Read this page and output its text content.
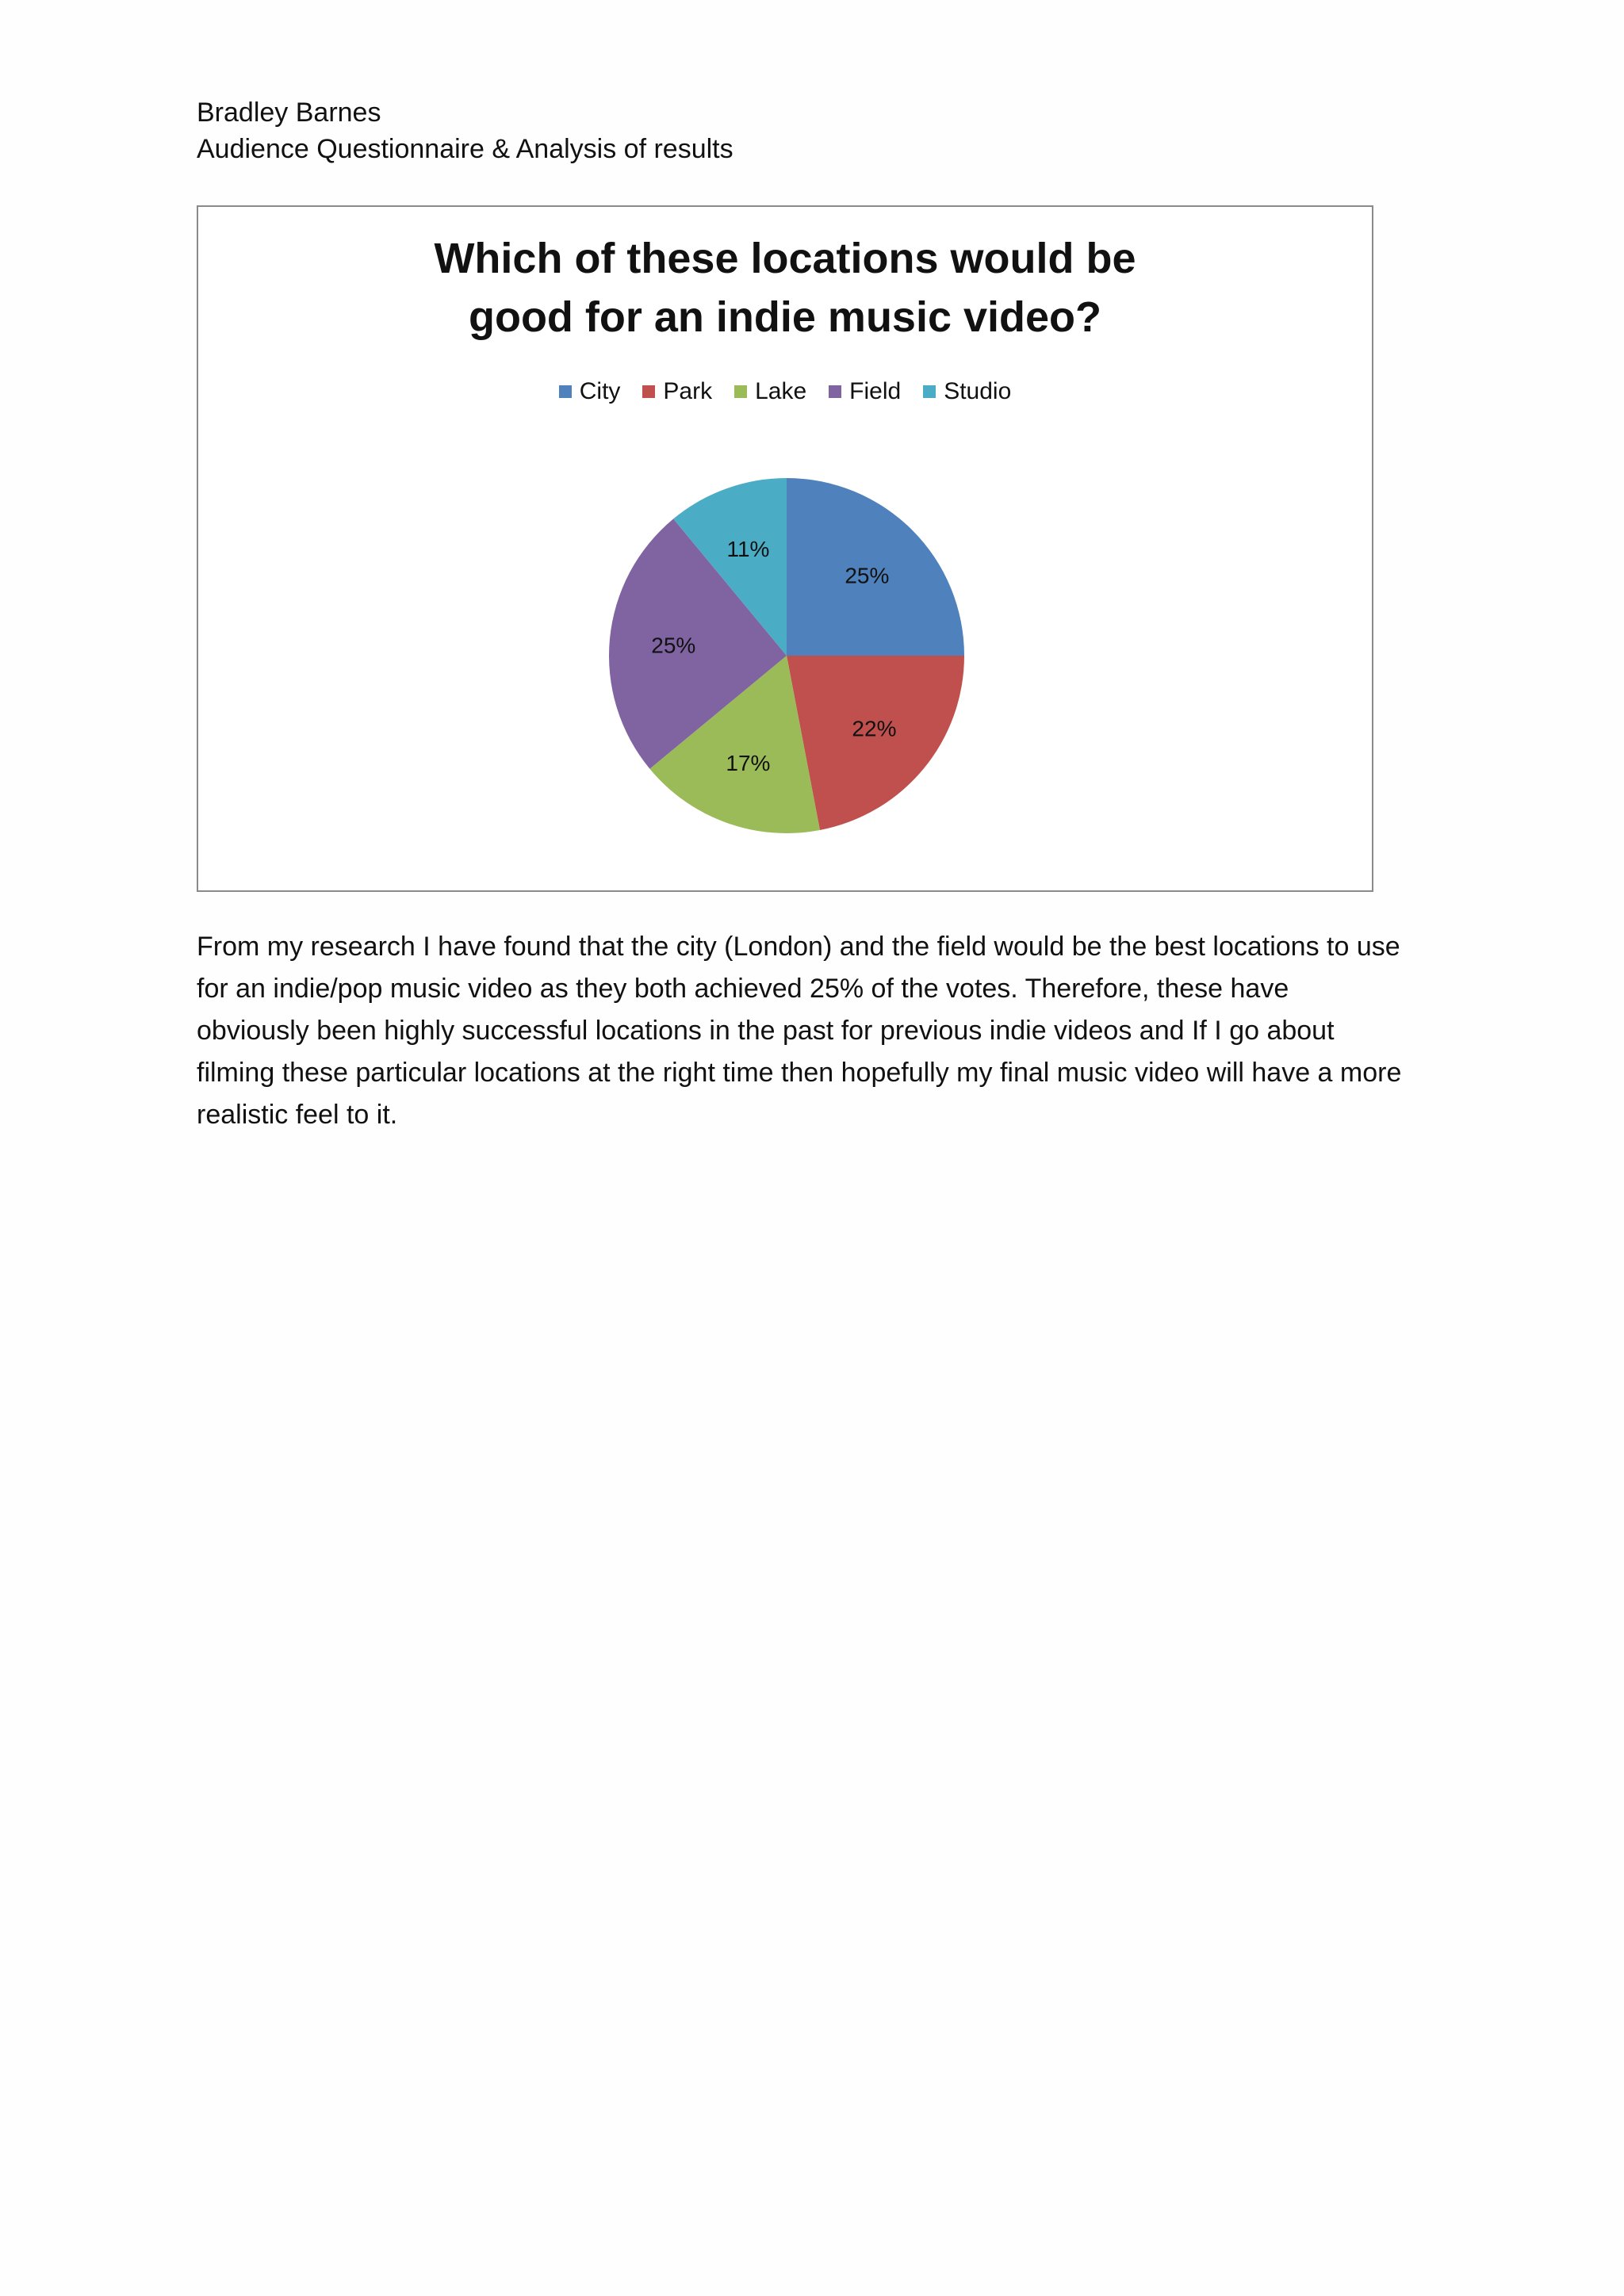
Bradley Barnes
Audience Questionnaire & Analysis of results
Which of these locations would be good for an indie music video?
City Park Lake Field Studio
25%
22%
17%
25%
11%

From my research I have found that the city (London) and the field would be the best locations to use for an indie/pop music video as they both achieved 25% of the votes. Therefore, these have obviously been highly successful locations in the past for previous indie videos and If I go about filming these particular locations at the right time then hopefully my final music video will have a more realistic feel to it.
